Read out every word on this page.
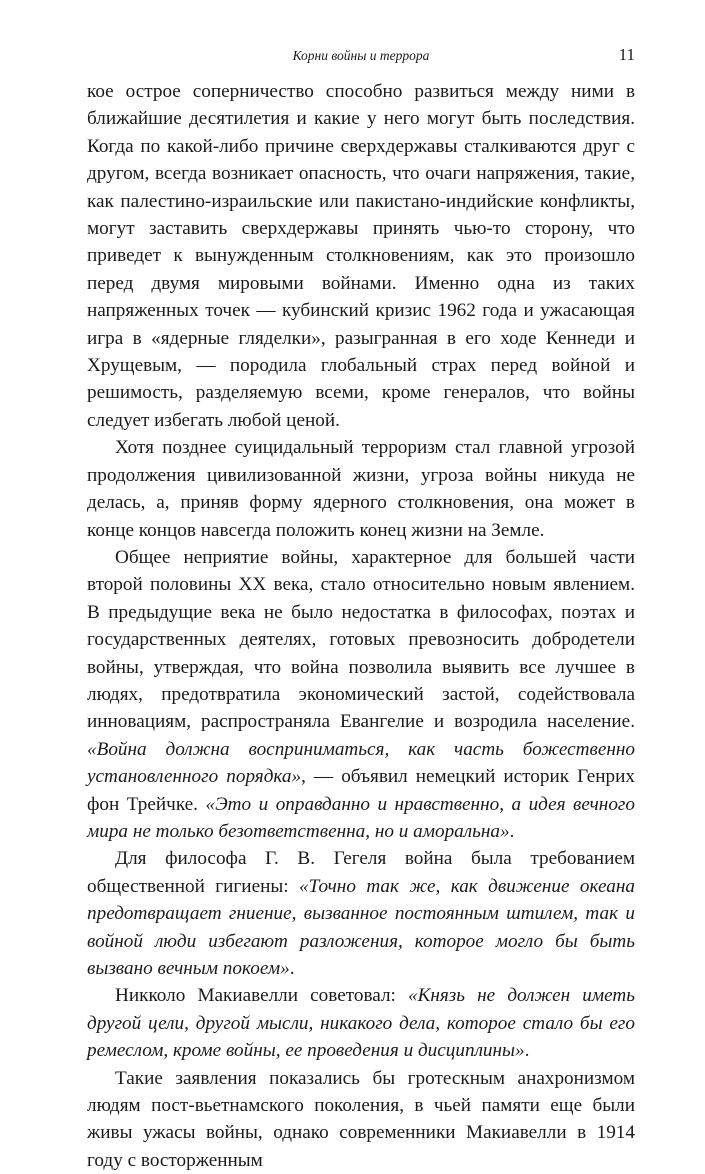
Корни войны и террора	11

кое острое соперничество способно развиться между ними в ближайшие десятилетия и какие у него могут быть последствия. Когда по какой-либо причине сверхдержавы сталкиваются друг с другом, всегда возникает опасность, что очаги напряжения, такие, как палестино-израильские или пакистано-индийские конфликты, могут заставить сверхдержавы принять чью-то сторону, что приведет к вынужденным столкновениям, как это произошло перед двумя мировыми войнами. Именно одна из таких напряженных точек — кубинский кризис 1962 года и ужасающая игра в «ядерные гляделки», разыгранная в его ходе Кеннеди и Хрущевым, — породила глобальный страх перед войной и решимость, разделяемую всеми, кроме генералов, что войны следует избегать любой ценой.

Хотя позднее суицидальный терроризм стал главной угрозой продолжения цивилизованной жизни, угроза войны никуда не делась, а, приняв форму ядерного столкновения, она может в конце концов навсегда положить конец жизни на Земле.

Общее неприятие войны, характерное для большей части второй половины XX века, стало относительно новым явлением. В предыдущие века не было недостатка в философах, поэтах и государственных деятелях, готовых превозносить добродетели войны, утверждая, что война позволила выявить все лучшее в людях, предотвратила экономический застой, содействовала инновациям, распространяла Евангелие и возродила население. «Война должна восприниматься, как часть божественно установленного порядка», — объявил немецкий историк Генрих фон Трейчке. «Это и оправданно и нравственно, а идея вечного мира не только безответственна, но и аморальна».

Для философа Г. В. Гегеля война была требованием общественной гигиены: «Точно так же, как движение океана предотвращает гниение, вызванное постоянным штилем, так и войной люди избегают разложения, которое могло бы быть вызвано вечным покоем».

Никколо Макиавелли советовал: «Князь не должен иметь другой цели, другой мысли, никакого дела, которое стало бы его ремеслом, кроме войны, ее проведения и дисциплины».

Такие заявления показались бы гротескным анахронизмом людям пост-вьетнамского поколения, в чьей памяти еще были живы ужасы войны, однако современники Макиавелли в 1914 году с восторженным
